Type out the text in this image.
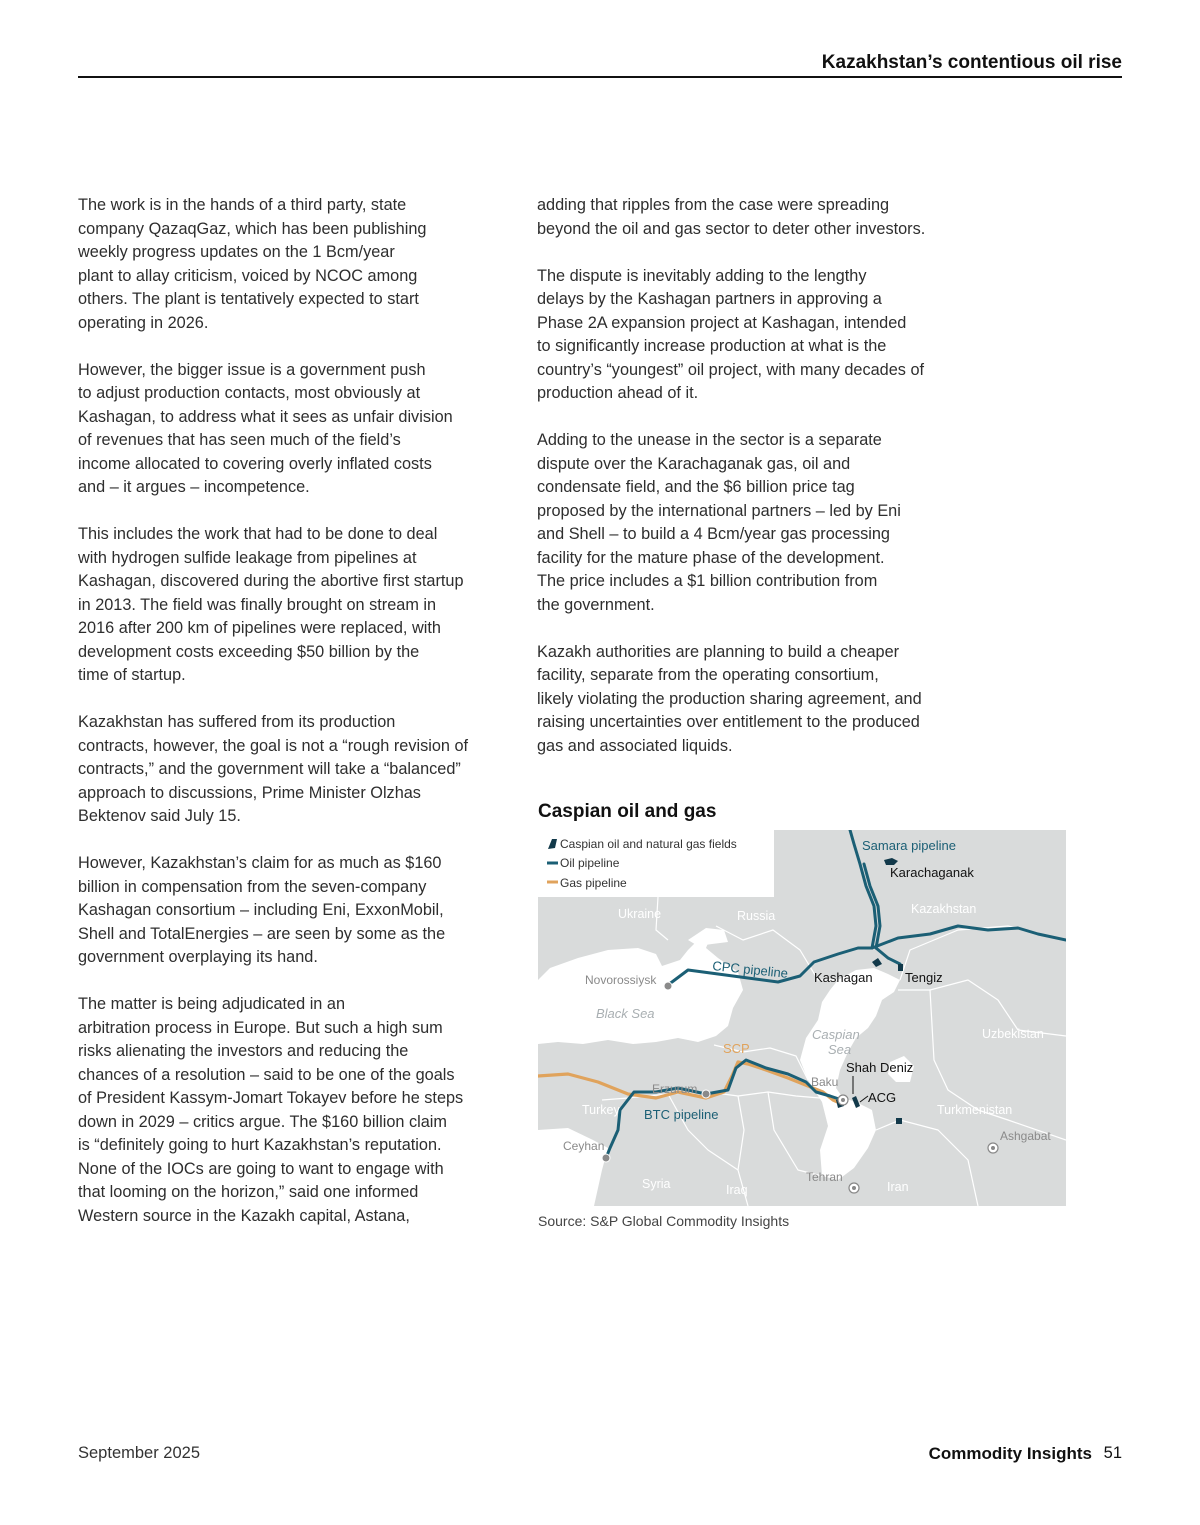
Kazakhstan’s contentious oil rise

The work is in the hands of a third party, state
company QazaqGaz, which has been publishing
weekly progress updates on the 1 Bcm/year
plant to allay criticism, voiced by NCOC among
others. The plant is tentatively expected to start
operating in 2026.

However, the bigger issue is a government push
to adjust production contacts, most obviously at
Kashagan, to address what it sees as unfair division
of revenues that has seen much of the field’s
income allocated to covering overly inflated costs
and – it argues – incompetence.

This includes the work that had to be done to deal
with hydrogen sulfide leakage from pipelines at
Kashagan, discovered during the abortive first startup
in 2013. The field was finally brought on stream in
2016 after 200 km of pipelines were replaced, with
development costs exceeding $50 billion by the
time of startup.

Kazakhstan has suffered from its production
contracts, however, the goal is not a “rough revision of
contracts,” and the government will take a “balanced”
approach to discussions, Prime Minister Olzhas
Bektenov said July 15.

However, Kazakhstan’s claim for as much as $160
billion in compensation from the seven-company
Kashagan consortium – including Eni, ExxonMobil,
Shell and TotalEnergies – are seen by some as the
government overplaying its hand.

The matter is being adjudicated in an
arbitration process in Europe. But such a high sum
risks alienating the investors and reducing the
chances of a resolution – said to be one of the goals
of President Kassym-Jomart Tokayev before he steps
down in 2029 – critics argue. The $160 billion claim
is “definitely going to hurt Kazakhstan’s reputation.
None of the IOCs are going to want to engage with
that looming on the horizon,” said one informed
Western source in the Kazakh capital, Astana,

adding that ripples from the case were spreading
beyond the oil and gas sector to deter other investors.

The dispute is inevitably adding to the lengthy
delays by the Kashagan partners in approving a
Phase 2A expansion project at Kashagan, intended
to significantly increase production at what is the
country’s “youngest” oil project, with many decades of
production ahead of it.

Adding to the unease in the sector is a separate
dispute over the Karachaganak gas, oil and
condensate field, and the $6 billion price tag
proposed by the international partners – led by Eni
and Shell – to build a 4 Bcm/year gas processing
facility for the mature phase of the development.
The price includes a $1 billion contribution from
the government.

Kazakh authorities are planning to build a cheaper
facility, separate from the operating consortium,
likely violating the production sharing agreement, and
raising uncertainties over entitlement to the produced
gas and associated liquids.

Caspian oil and gas
Caspian oil and natural gas fields
Oil pipeline
Gas pipeline
Ukraine	Russia	Kazakhstan
Uzbekistan
Turkmenistan
Turkey
Syria	Iraq	Iran
Novorossiysk
Erzurum	Baku
Ceyhan
Tehran
Ashgabat
Black Sea
Caspian
Sea
Samara pipeline
CPC pipeline
SCP
BTC pipeline
Karachaganak
Kashagan Tengiz
Shah Deniz
ACG
Source: S&P Global Commodity Insights
September 2025	Commodity Insights 51
